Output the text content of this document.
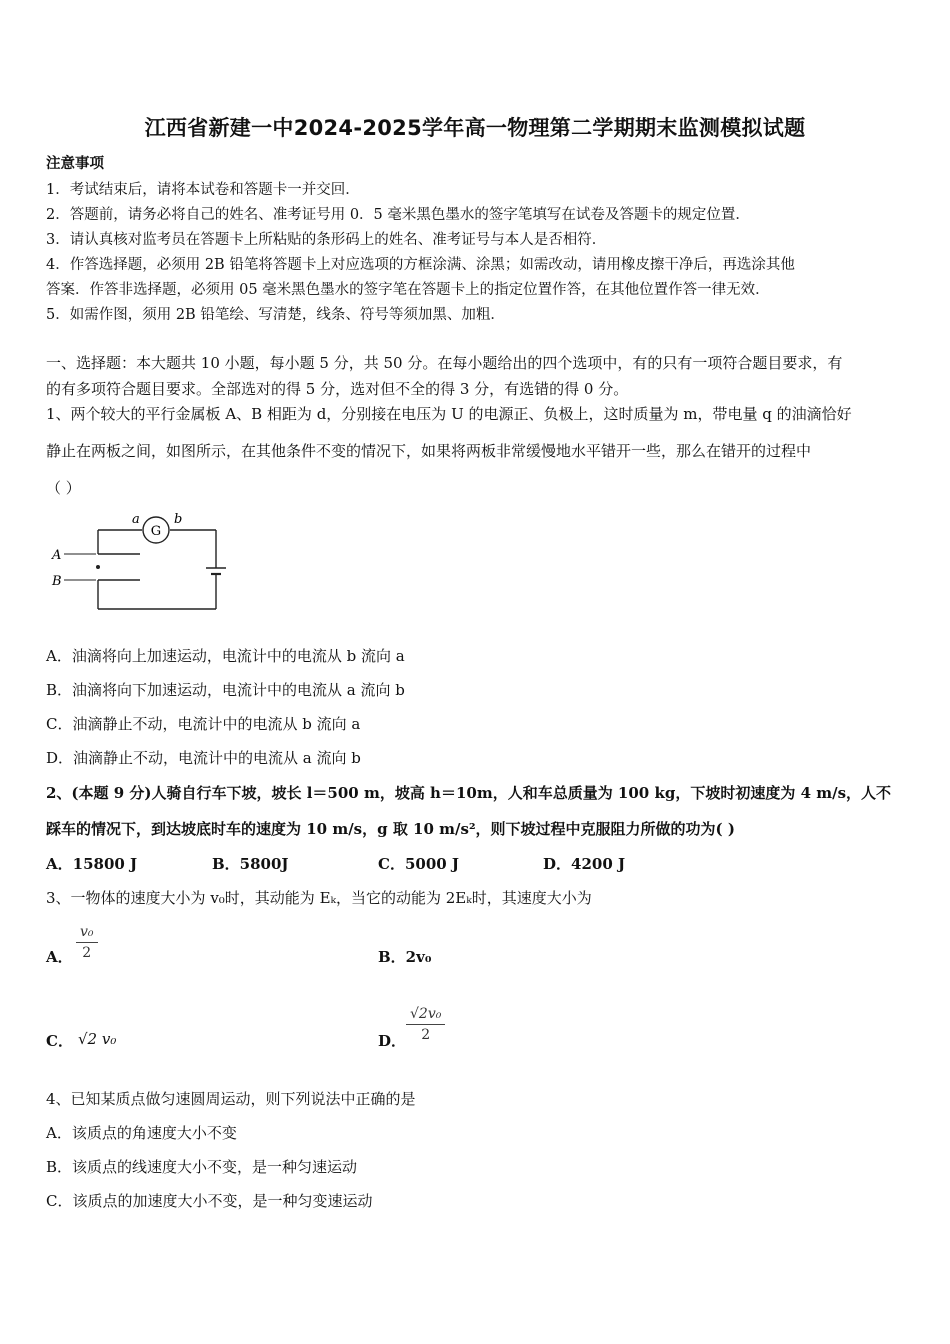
江西省新建一中2024-2025学年高一物理第二学期期末监测模拟试题
注意事项
1．考试结束后，请将本试卷和答题卡一并交回．
2．答题前，请务必将自己的姓名、准考证号用 0．5 毫米黑色墨水的签字笔填写在试卷及答题卡的规定位置．
3．请认真核对监考员在答题卡上所粘贴的条形码上的姓名、准考证号与本人是否相符．
4．作答选择题，必须用 2B 铅笔将答题卡上对应选项的方框涂满、涂黑；如需改动，请用橡皮擦干净后，再选涂其他
答案．作答非选择题，必须用 05 毫米黑色墨水的签字笔在答题卡上的指定位置作答，在其他位置作答一律无效．
5．如需作图，须用 2B 铅笔绘、写清楚，线条、符号等须加黑、加粗．
一、选择题：本大题共 10 小题，每小题 5 分，共 50 分。在每小题给出的四个选项中，有的只有一项符合题目要求，有
的有多项符合题目要求。全部选对的得 5 分，选对但不全的得 3 分，有选错的得 0 分。
1、两个较大的平行金属板 A、B 相距为 d，分别接在电压为 U 的电源正、负极上，这时质量为 m，带电量 q 的油滴恰好
静止在两板之间，如图所示，在其他条件不变的情况下，如果将两板非常缓慢地水平错开一些，那么在错开的过程中
（ ）
G
a	b
A
B
A．油滴将向上加速运动，电流计中的电流从 b 流向 a
B．油滴将向下加速运动，电流计中的电流从 a 流向 b
C．油滴静止不动，电流计中的电流从 b 流向 a
D．油滴静止不动，电流计中的电流从 a 流向 b
2、(本题 9 分)人骑自行车下坡，坡长 l＝500 m，坡高 h＝10m，人和车总质量为 100 kg，下坡时初速度为 4 m/s，人不
踩车的情况下，到达坡底时车的速度为 10 m/s，g 取 10 m/s²，则下坡过程中克服阻力所做的功为( )
A．15800 J	B．5800J	C．5000 J	D．4200 J
3、一物体的速度大小为 v₀时，其动能为 Eₖ，当它的动能为 2Eₖ时，其速度大小为
A． $\frac{\text{v₀}}{2}$	B．2v₀
C． √2 v₀	D． $\frac{\text{√2v₀}}{2}$
4、已知某质点做匀速圆周运动，则下列说法中正确的是
A．该质点的角速度大小不变
B．该质点的线速度大小不变，是一种匀速运动
C．该质点的加速度大小不变，是一种匀变速运动
